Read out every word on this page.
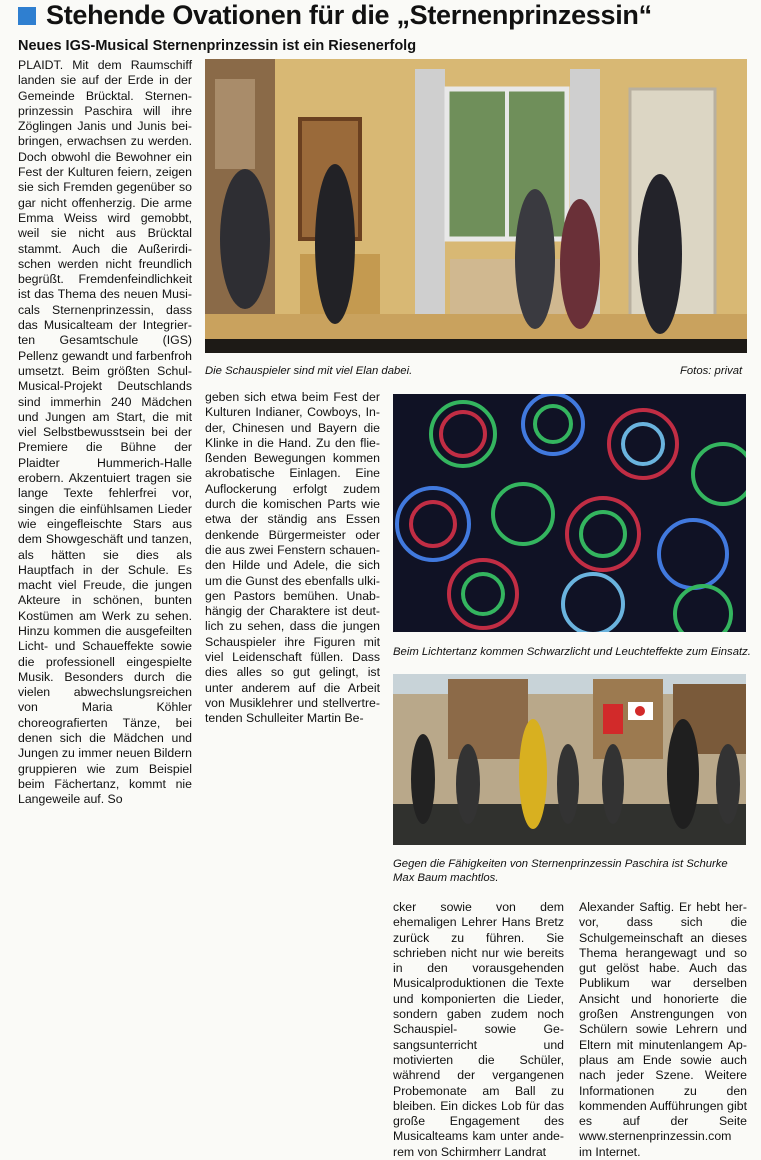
Stehende Ovationen für die „Sternenprinzessin“
Neues IGS-Musical Sternenprinzessin ist ein Riesenerfolg

PLAIDT. Mit dem Raumschiff landen sie auf der Erde in der Gemeinde Brücktal. Sternenprinzessin Paschira will ihre Zöglingen Janis und Junis beibringen, erwachsen zu werden. Doch obwohl die Bewohner ein Fest der Kulturen feiern, zeigen sie sich Fremden gegenüber so gar nicht offenherzig. Die arme Emma Weiss wird gemobbt, weil sie nicht aus Brücktal stammt. Auch die Außerirdischen werden nicht freundlich begrüßt. Fremdenfeindlichkeit ist das Thema des neuen Musicals Sternenprinzessin, dass das Musicalteam der Integrierten Gesamtschule (IGS) Pellenz gewandt und farbenfroh umsetzt. Beim größten Schul-Musical-Projekt Deutschlands sind immerhin 240 Mädchen und Jungen am Start, die mit viel Selbstbewusstsein bei der Premiere die Bühne der Plaidter Hummerich-Halle erobern. Akzentuiert tragen sie lange Texte fehlerfrei vor, singen die einfühlsamen Lieder wie eingefleischte Stars aus dem Showgeschäft und tanzen, als hätten sie dies als Hauptfach in der Schule. Es macht viel Freude, die jungen Akteure in schönen, bunten Kostümen am Werk zu sehen. Hinzu kommen die ausgefeilten Licht- und Schaueffekte sowie die professionell eingespielte Musik. Besonders durch die vielen abwechslungsreichen von Maria Köhler choreografierten Tänze, bei denen sich die Mädchen und Jungen zu immer neuen Bildern gruppieren wie zum Beispiel beim Fächertanz, kommt nie Langeweile auf. So

Die Schauspieler sind mit viel Elan dabei.	Fotos: privat

geben sich etwa beim Fest der Kulturen Indianer, Cowboys, Inder, Chinesen und Bayern die Klinke in die Hand. Zu den fließenden Bewegungen kommen akrobatische Einlagen. Eine Auflockerung erfolgt zudem durch die komischen Parts wie etwa der ständig ans Essen denkende Bürgermeister oder die aus zwei Fenstern schauenden Hilde und Adele, die sich um die Gunst des ebenfalls ulkigen Pastors bemühen. Unabhängig der Charaktere ist deutlich zu sehen, dass die jungen Schauspieler ihre Figuren mit viel Leidenschaft füllen. Dass dies alles so gut gelingt, ist unter anderem auf die Arbeit von Musiklehrer und stellvertretenden Schulleiter Martin Be-

Beim Lichtertanz kommen Schwarzlicht und Leuchteffekte zum Einsatz.
Gegen die Fähigkeiten von Sternenprinzessin Paschira ist Schurke Max Baum machtlos.

cker sowie von dem ehemaligen Lehrer Hans Bretz zurück zu führen. Sie schrieben nicht nur wie bereits in den vorausgehenden Musicalproduktionen die Texte und komponierten die Lieder, sondern gaben zudem noch Schauspiel- sowie Gesangsunterricht und motivierten die Schüler, während der vergangenen Probemonate am Ball zu bleiben. Ein dickes Lob für das große Engagement des Musicalteams kam unter anderem von Schirmherr Landrat

Alexander Saftig. Er hebt hervor, dass sich die Schulgemeinschaft an dieses Thema herangewagt und so gut gelöst habe. Auch das Publikum war derselben Ansicht und honorierte die großen Anstrengungen von Schülern sowie Lehrern und Eltern mit minutenlangem Applaus am Ende sowie auch nach jeder Szene. Weitere Informationen zu den kommenden Aufführungen gibt es auf der Seite www.sternenprinzessin.com im Internet.
